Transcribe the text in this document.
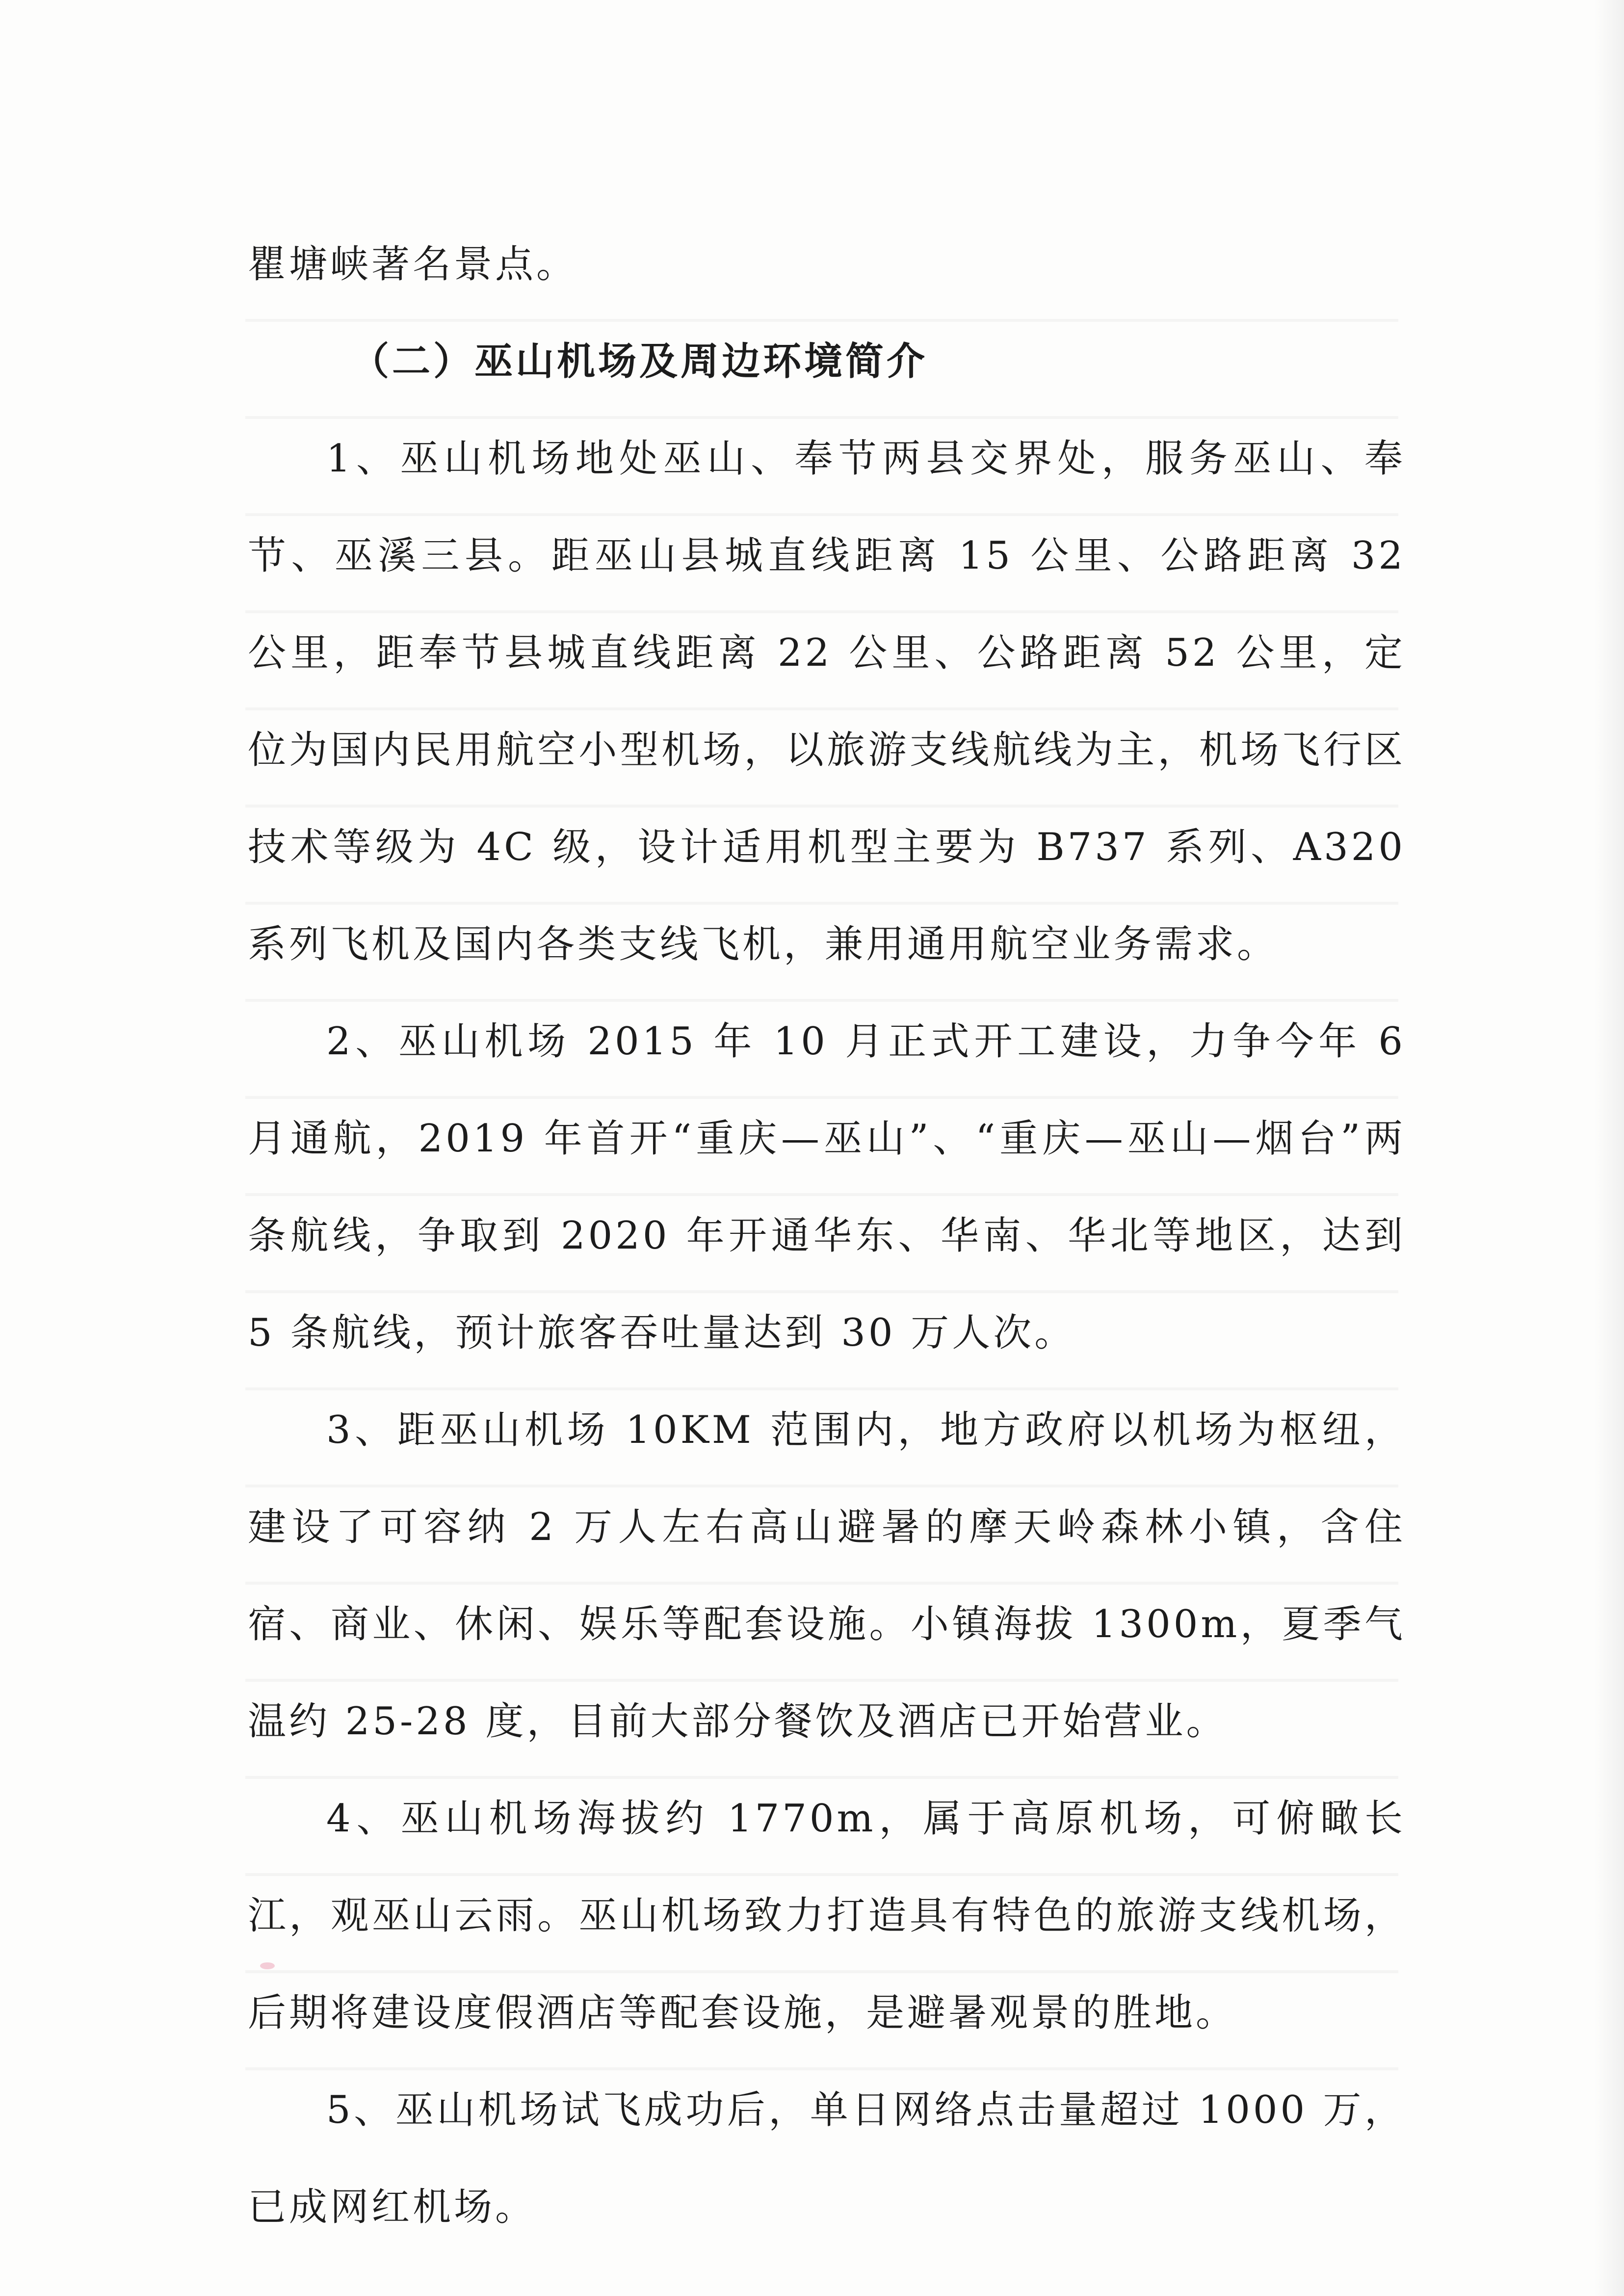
瞿塘峡著名景点。

（二）巫山机场及周边环境简介

1、巫山机场地处巫山、奉节两县交界处，服务巫山、奉节、巫溪三县。距巫山县城直线距离 15 公里、公路距离 32 公里，距奉节县城直线距离 22 公里、公路距离 52 公里，定位为国内民用航空小型机场，以旅游支线航线为主，机场飞行区技术等级为 4C 级，设计适用机型主要为 B737 系列、A320 系列飞机及国内各类支线飞机，兼用通用航空业务需求。

2、巫山机场 2015 年 10 月正式开工建设，力争今年 6 月通航，2019 年首开“重庆—巫山”、“重庆—巫山—烟台”两条航线，争取到 2020 年开通华东、华南、华北等地区，达到 5 条航线，预计旅客吞吐量达到 30 万人次。

3、距巫山机场 10KM 范围内，地方政府以机场为枢纽，建设了可容纳 2 万人左右高山避暑的摩天岭森林小镇，含住宿、商业、休闲、娱乐等配套设施。小镇海拔 1300m，夏季气温约 25-28 度，目前大部分餐饮及酒店已开始营业。

4、巫山机场海拔约 1770m，属于高原机场，可俯瞰长江，观巫山云雨。巫山机场致力打造具有特色的旅游支线机场，后期将建设度假酒店等配套设施，是避暑观景的胜地。

5、巫山机场试飞成功后，单日网络点击量超过 1000 万，已成网红机场。
